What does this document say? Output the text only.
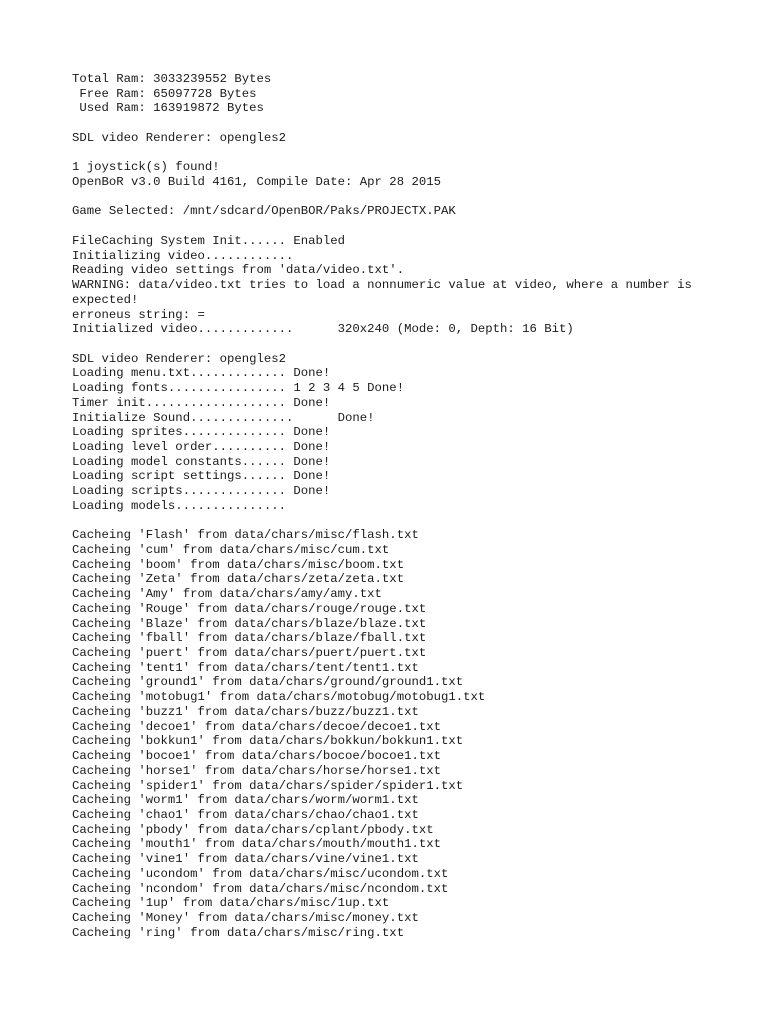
Total Ram: 3033239552 Bytes
Free Ram: 65097728 Bytes
Used Ram: 163919872 Bytes
SDL video Renderer: opengles2
1 joystick(s) found!
OpenBoR v3.0 Build 4161, Compile Date: Apr 28 2015
Game Selected: /mnt/sdcard/OpenBOR/Paks/PROJECTX.PAK
FileCaching System Init...... Enabled
Initializing video............
Reading video settings from 'data/video.txt'.
WARNING: data/video.txt tries to load a nonnumeric value at video, where a number is expected!
erroneus string: =
Initialized video.............      320x240 (Mode: 0, Depth: 16 Bit)
SDL video Renderer: opengles2
Loading menu.txt............. Done!
Loading fonts................ 1 2 3 4 5 Done!
Timer init................... Done!
Initialize Sound..............      Done!
Loading sprites.............. Done!
Loading level order.......... Done!
Loading model constants...... Done!
Loading script settings...... Done!
Loading scripts.............. Done!
Loading models...............
Cacheing 'Flash' from data/chars/misc/flash.txt
Cacheing 'cum' from data/chars/misc/cum.txt
Cacheing 'boom' from data/chars/misc/boom.txt
Cacheing 'Zeta' from data/chars/zeta/zeta.txt
Cacheing 'Amy' from data/chars/amy/amy.txt
Cacheing 'Rouge' from data/chars/rouge/rouge.txt
Cacheing 'Blaze' from data/chars/blaze/blaze.txt
Cacheing 'fball' from data/chars/blaze/fball.txt
Cacheing 'puert' from data/chars/puert/puert.txt
Cacheing 'tent1' from data/chars/tent/tent1.txt
Cacheing 'ground1' from data/chars/ground/ground1.txt
Cacheing 'motobug1' from data/chars/motobug/motobug1.txt
Cacheing 'buzz1' from data/chars/buzz/buzz1.txt
Cacheing 'decoe1' from data/chars/decoe/decoe1.txt
Cacheing 'bokkun1' from data/chars/bokkun/bokkun1.txt
Cacheing 'bocoe1' from data/chars/bocoe/bocoe1.txt
Cacheing 'horse1' from data/chars/horse/horse1.txt
Cacheing 'spider1' from data/chars/spider/spider1.txt
Cacheing 'worm1' from data/chars/worm/worm1.txt
Cacheing 'chao1' from data/chars/chao/chao1.txt
Cacheing 'pbody' from data/chars/cplant/pbody.txt
Cacheing 'mouth1' from data/chars/mouth/mouth1.txt
Cacheing 'vine1' from data/chars/vine/vine1.txt
Cacheing 'ucondom' from data/chars/misc/ucondom.txt
Cacheing 'ncondom' from data/chars/misc/ncondom.txt
Cacheing '1up' from data/chars/misc/1up.txt
Cacheing 'Money' from data/chars/misc/money.txt
Cacheing 'ring' from data/chars/misc/ring.txt
